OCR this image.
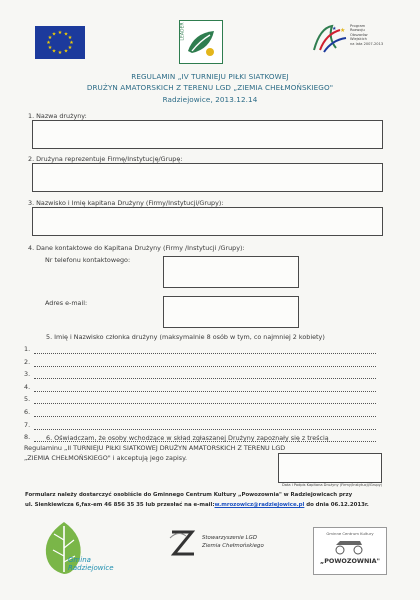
★ ★
★
★
★
★
★
★
★
★
★
★	LEADER	★
★	Program
Rozwoju
Obszarów
Wiejskich
na lata 2007-2013
REGULAMIN „IV TURNIEJU PIŁKI SIATKOWEJ
DRUŻYN AMATORSKICH Z TERENU LGD „ZIEMIA CHEŁMOŃSKIEGO"
Radziejowice, 2013.12.14
1. Nazwa drużyny:
2. Drużyna reprezentuje Firmę/Instytucję/Grupę:
3. Nazwisko i Imię kapitana Drużyny (Firmy/Instytucji/Grupy):
4. Dane kontaktowe do Kapitana Drużyny (Firmy /Instytucji /Grupy):
Nr telefonu kontaktowego:
Adres e-mail:
5. Imię i Nazwisko członka drużyny (maksymalnie 8 osób w tym, co najmniej 2 kobiety)
1.
2.
3.
4.
5.
6.
7.
8. 6. Oświadczam, że osoby wchodzące w skład zgłaszanej Drużyny zapoznały się z treścią
Regulaminu „II TURNIEJU PIŁKI SIATKOWEJ DRUŻYN AMATORSKICH Z TERENU LGD
„ZIEMIA CHEŁMOŃSKIEGO" i akceptują jego zapisy.
Data i Podpis Kapitana Drużyny (Firmy/Instytucji/Grupy)
Formularz należy dostarczyć osobiście do Gminnego Centrum Kultury „Powozownia" w Radziejowicach przy
ul. Sienkiewicza 6,fax-em 46 856 35 35 lub przesłać na e-mail:w.mrozowicz@radziejowice.pl do dnia 06.12.2013r.
Gmina
Radziejowice
Stowarzyszenie LGD
Ziemia Chełmońskiego
Gminne Centrum Kultury
„POWOZOWNIA"
